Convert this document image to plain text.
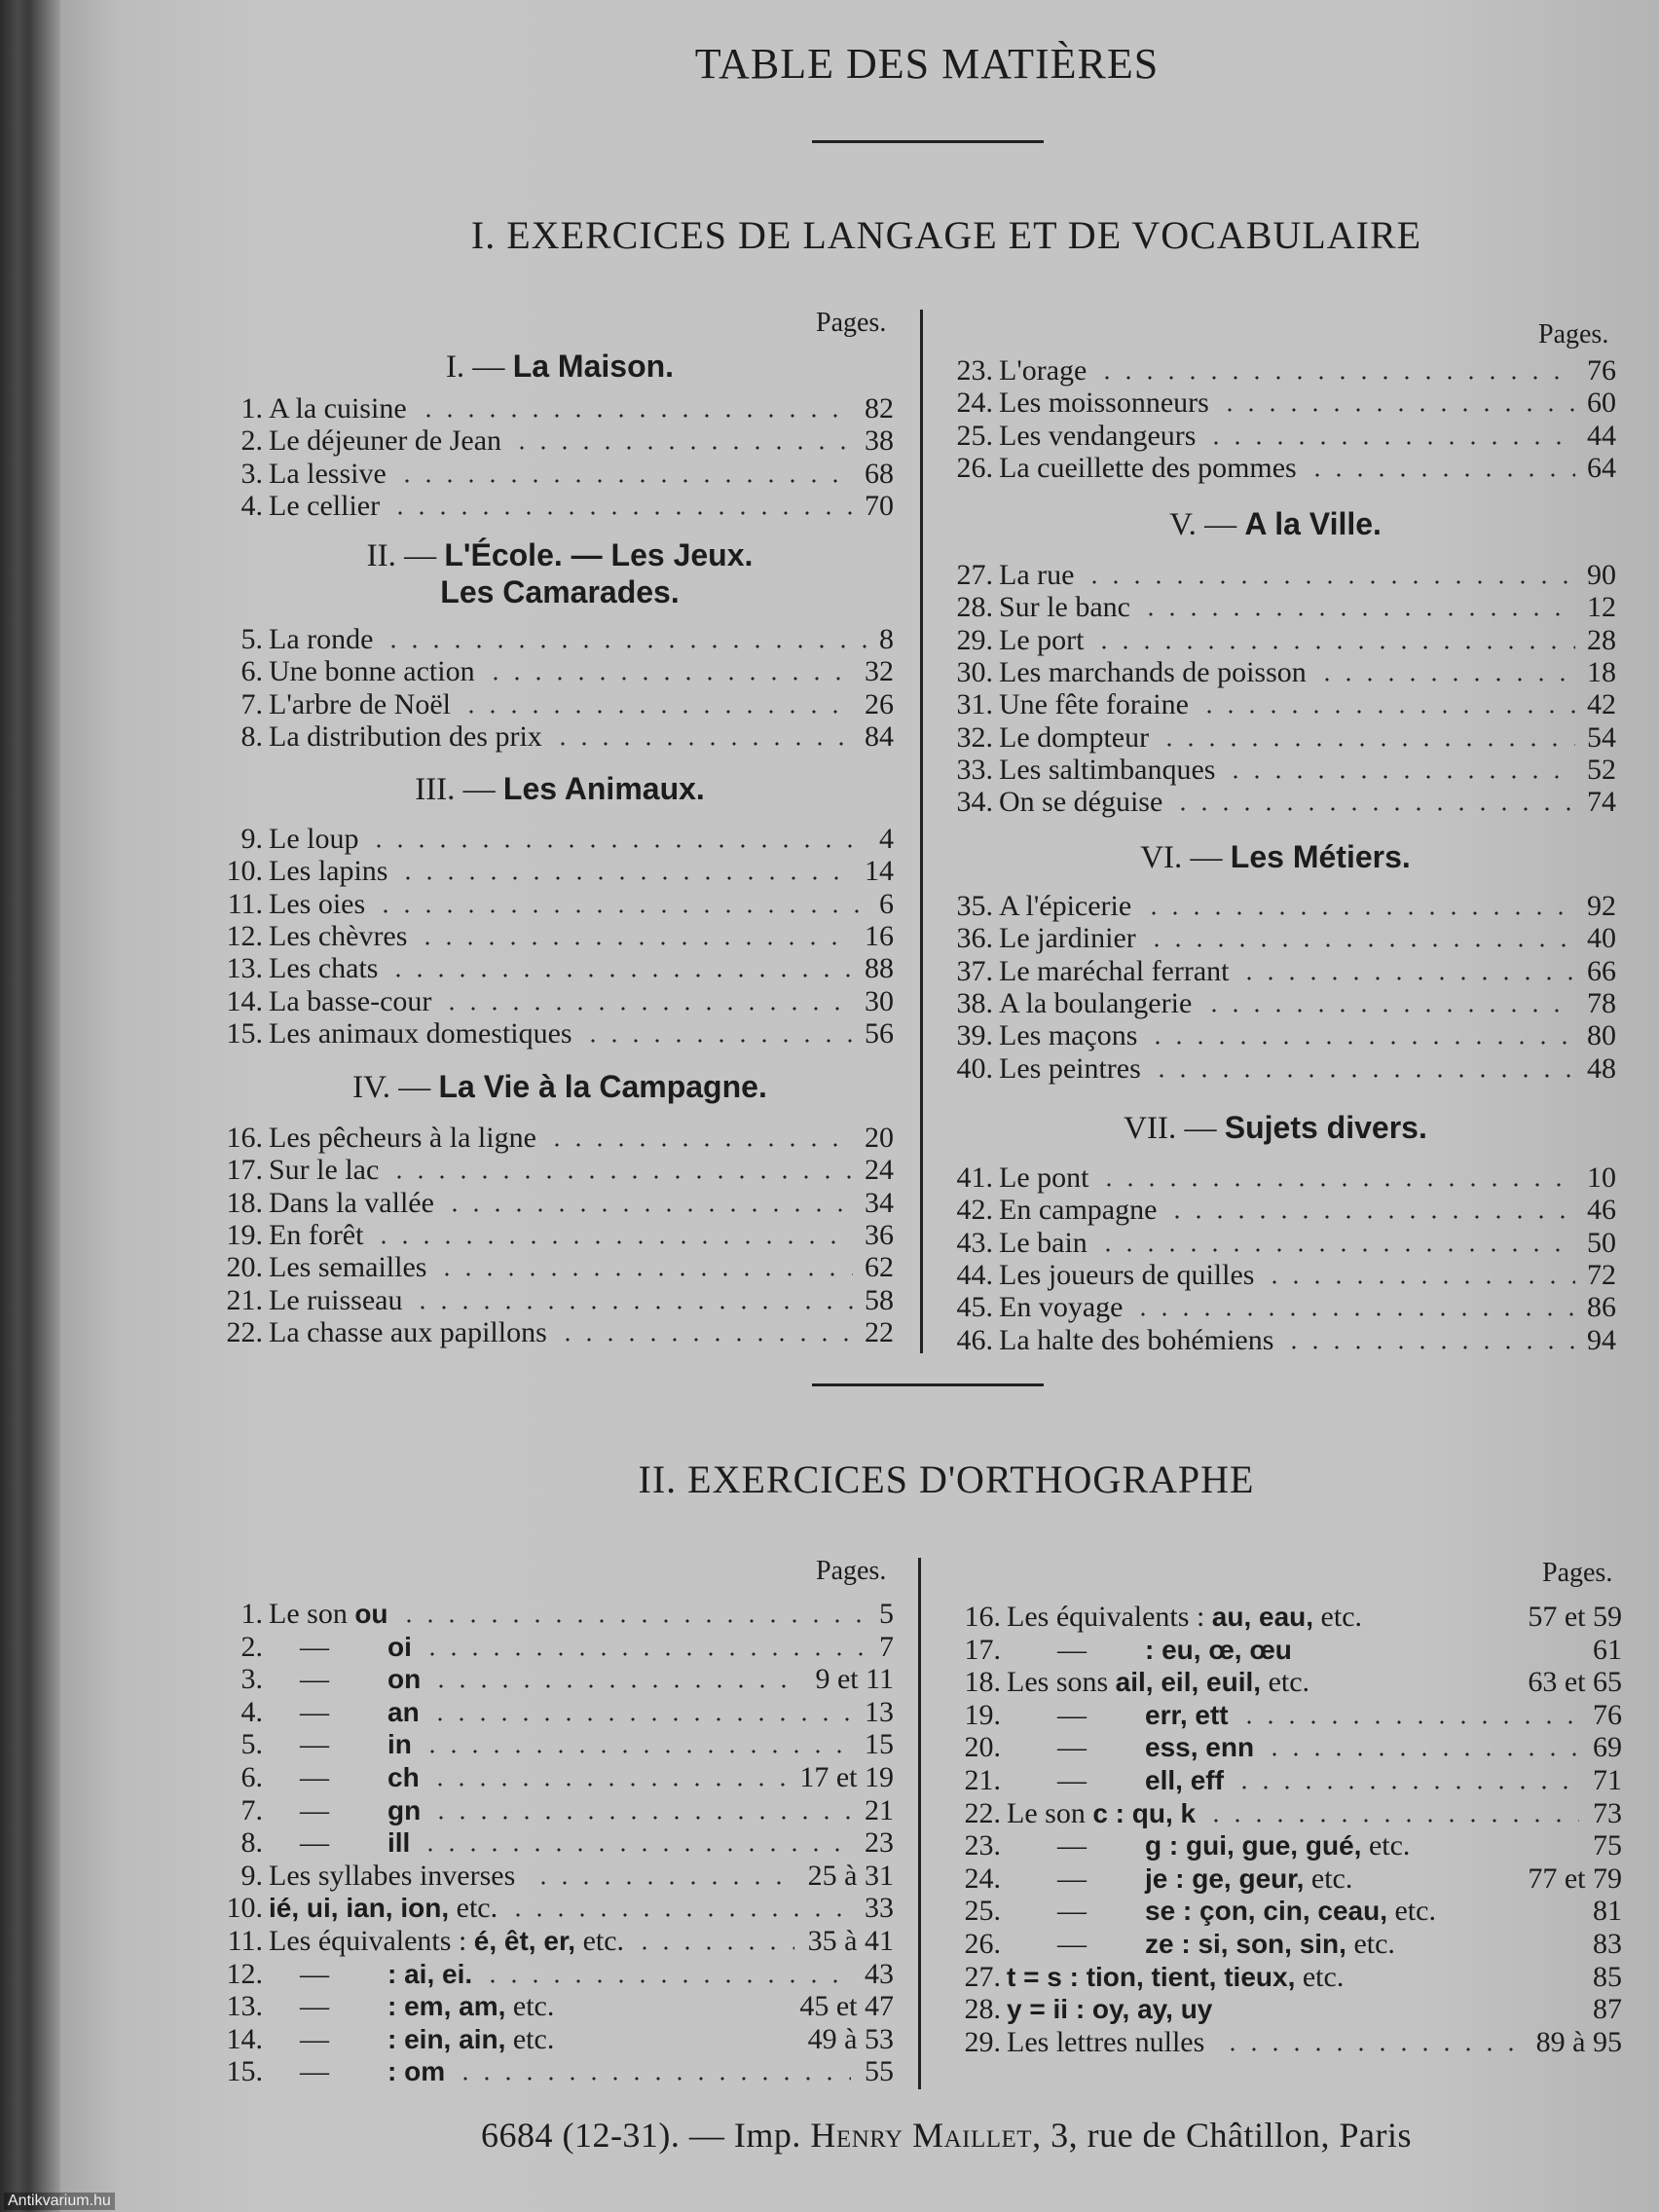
TABLE DES MATIÈRES
I. EXERCICES DE LANGAGE ET DE VOCABULAIRE
Pages.	Pages.
I. — La Maison.
1. A la cuisine	82
2. Le déjeuner de Jean	38
3. La lessive	68
4. Le cellier	70
II. — L'École. — Les Jeux.
Les Camarades.
5. La ronde	8
6. Une bonne action	32
7. L'arbre de Noël	26
8. La distribution des prix	84
III. — Les Animaux.
9. Le loup	4
10. Les lapins	14
11. Les oies	6
12. Les chèvres	16
13. Les chats	88
14. La basse-cour	30
15. Les animaux domestiques	56
IV. — La Vie à la Campagne.
16. Les pêcheurs à la ligne	20
17. Sur le lac	24
18. Dans la vallée	34
19. En forêt	36
20. Les semailles	62
21. Le ruisseau	58
22. La chasse aux papillons	22
23. L'orage	76
24. Les moissonneurs	60
25. Les vendangeurs	44
26. La cueillette des pommes	64
V. — A la Ville.
27. La rue	90
28. Sur le banc	12
29. Le port	28
30. Les marchands de poisson	18
31. Une fête foraine	42
32. Le dompteur	54
33. Les saltimbanques	52
34. On se déguise	74
VI. — Les Métiers.
35. A l'épicerie	92
36. Le jardinier	40
37. Le maréchal ferrant	66
38. A la boulangerie	78
39. Les maçons	80
40. Les peintres	48
VII. — Sujets divers.
41. Le pont	10
42. En campagne	46
43. Le bain	50
44. Les joueurs de quilles	72
45. En voyage	86
46. La halte des bohémiens	94
II. EXERCICES D'ORTHOGRAPHE
Pages.	Pages.
1. Le son ou	5
2. — oi	7
3. — on	9 et 11
4. — an	13
5. — in	15
6. — ch	17 et 19
7. — gn	21
8. — ill	23
9. Les syllabes inverses	25 à 31
10. ié, ui, ian, ion, etc.	33
11. Les équivalents : é, êt, er, etc.	35 à 41
12. — : ai, ei.	43
13. — : em, am, etc.	45 et 47
14. — : ein, ain, etc.	49 à 53
15. — : om	55
16. Les équivalents : au, eau, etc.	57 et 59
17. — : eu, œ, œu	61
18. Les sons ail, eil, euil, etc.	63 et 65
19. — err, ett	76
20. — ess, enn	69
21. — ell, eff	71
22. Le son c : qu, k	73
23. — g : gui, gue, gué, etc.	75
24. — je : ge, geur, etc.	77 et 79
25. — se : çon, cin, ceau, etc.	81
26. — ze : si, son, sin, etc.	83
27. t = s : tion, tient, tieux, etc.	85
28. y = ii : oy, ay, uy	87
29. Les lettres nulles	89 à 95
6684 (12-31). — Imp. Henry Maillet, 3, rue de Châtillon, Paris
Antikvarium.hu
